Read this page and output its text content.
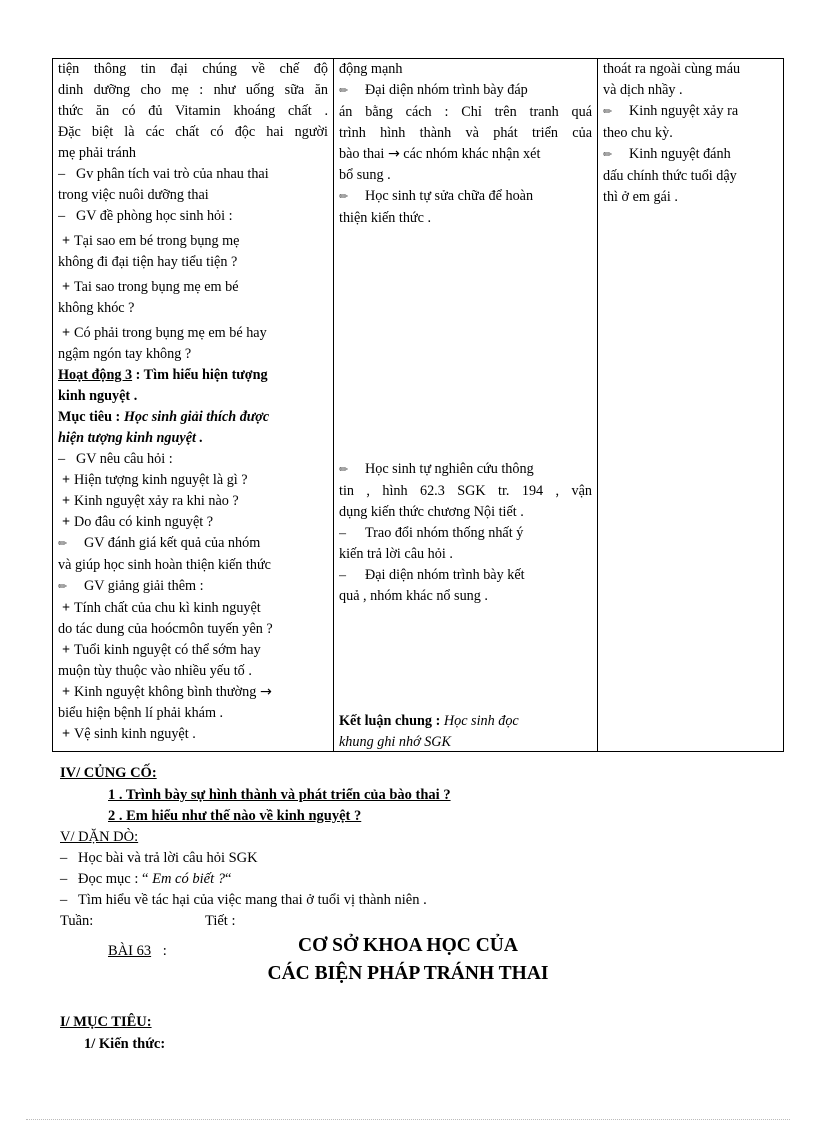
tiện thông tin đại chúng về chế độ
dinh dưỡng cho mẹ : như uống sữa ăn
thức ăn có đủ Vitamin khoáng chất .
Đặc biệt là các chất có độc hai người
mẹ phải tránh
– Gv phân tích vai trò của nhau thai
trong việc nuôi dưỡng thai
– GV đề phòng học sinh hỏi :
+ Tại sao em bé trong bụng mẹ
không đi đại tiện hay tiểu tiện ?
+ Tai sao trong bụng mẹ em bé
không khóc ?
+ Có phải trong bụng mẹ em bé hay
ngậm ngón tay không ?
Hoạt động 3 : Tìm hiểu hiện tượng
kinh nguyệt .
Mục tiêu : Học sinh giải thích được
hiện tượng kinh nguyệt .
– GV nêu câu hỏi :
+ Hiện tượng kinh nguyệt là gì ?
+ Kinh nguyệt xảy ra khi nào ?
+ Do đâu có kinh nguyệt ?
✏ GV đánh giá kết quả của nhóm
và giúp học sinh hoàn thiện kiến thức
✏ GV giảng giải thêm :
+ Tính chất của chu kì kinh nguyệt
do tác dung của hoócmôn tuyến yên ?
+ Tuổi kinh nguyệt có thể sớm hay
muộn tùy thuộc vào nhiều yếu tố .
+ Kinh nguyệt không bình thường →
biểu hiện bệnh lí phải khám .
+ Vệ sinh kinh nguyệt .

động mạnh
✏ Đại diện nhóm trình bày đáp
án bằng cách : Chỉ trên tranh quá
trình hình thành và phát triển của
bào thai → các nhóm khác nhận xét
bổ sung .
✏ Học sinh tự sửa chữa để hoàn
thiện kiến thức .
✏ Học sinh tự nghiên cứu thông
tin , hình 62.3 SGK tr. 194 , vận
dụng kiến thức chương Nội tiết .
– Trao đổi nhóm thống nhất ý
kiến trả lời câu hỏi .
– Đại diện nhóm trình bày kết
quả , nhóm khác nổ sung .
Kết luận chung : Học sinh đọc
khung ghi nhớ SGK

thoát ra ngoài cùng máu
và dịch nhầy .
✏ Kinh nguyệt xảy ra
theo chu kỳ.
✏ Kinh nguyệt đánh
dấu chính thức tuổi dậy
thì ở em gái .
IV/ CỦNG CỐ:
1 . Trình bày sự hình thành và phát triển của bào thai ?
2 . Em hiểu như thế nào về kinh nguyệt ?
V/ DẶN DÒ:
– Học bài và trả lời câu hỏi SGK
– Đọc mục : “ Em có biết ?“
– Tìm hiểu về tác hại của việc mang thai ở tuổi vị thành niên .
Tuần:	Tiết :
BÀI 63 :	CƠ SỞ KHOA HỌC CỦA
CÁC BIỆN PHÁP TRÁNH THAI
I/ MỤC TIÊU:
1/ Kiến thức:
